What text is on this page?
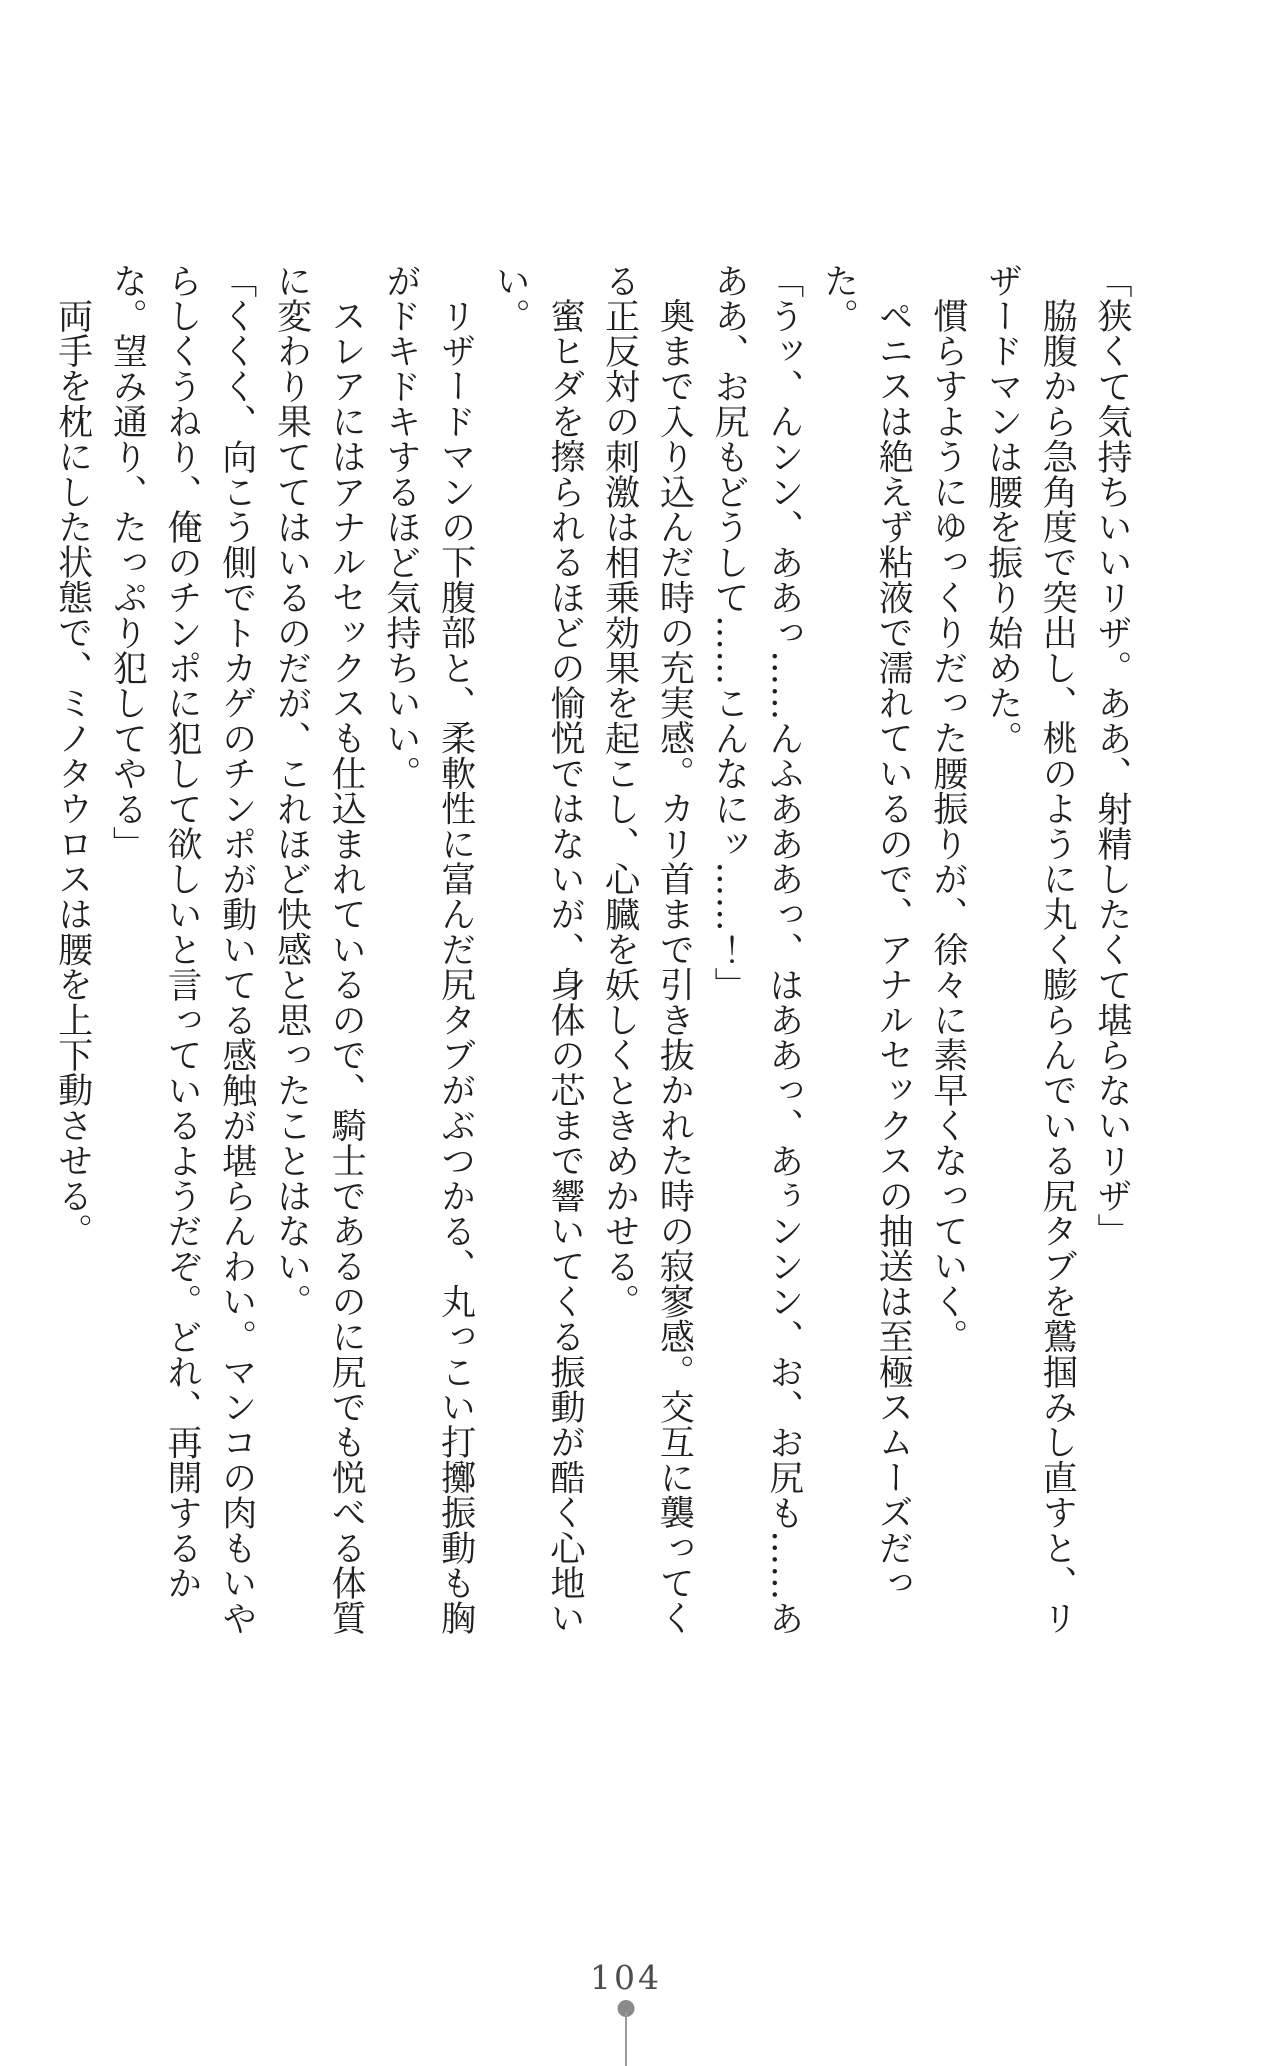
「狭くて気持ちいいリザ。ああ、射精したくて堪らないリザ」

脇腹から急角度で突出し、桃のように丸く膨らんでいる尻タブを鷲掴みし直すと、リザードマンは腰を振り始めた。

慣らすようにゆっくりだった腰振りが、徐々に素早くなっていく。

ペニスは絶えず粘液で濡れているので、アナルセックスの抽送は至極スムーズだった。

「うッ、んンン、ああっ……んふあああっ、はああっ、あぅンンン、お、お尻も……あああ、お尻もどうして……こんなにッ……！」

奥まで入り込んだ時の充実感。カリ首まで引き抜かれた時の寂寥感。交互に襲ってくる正反対の刺激は相乗効果を起こし、心臓を妖しくときめかせる。

蜜ヒダを擦られるほどの愉悦ではないが、身体の芯まで響いてくる振動が酷く心地いい。

リザードマンの下腹部と、柔軟性に富んだ尻タブがぶつかる、丸っこい打擲振動も胸がドキドキするほど気持ちいい。

スレアにはアナルセックスも仕込まれているので、騎士であるのに尻でも悦べる体質に変わり果ててはいるのだが、これほど快感と思ったことはない。

「くくく、向こう側でトカゲのチンポが動いてる感触が堪らんわい。マンコの肉もいやらしくうねり、俺のチンポに犯して欲しいと言っているようだぞ。どれ、再開するかな。望み通り、たっぷり犯してやる」

両手を枕にした状態で、ミノタウロスは腰を上下動させる。

104
